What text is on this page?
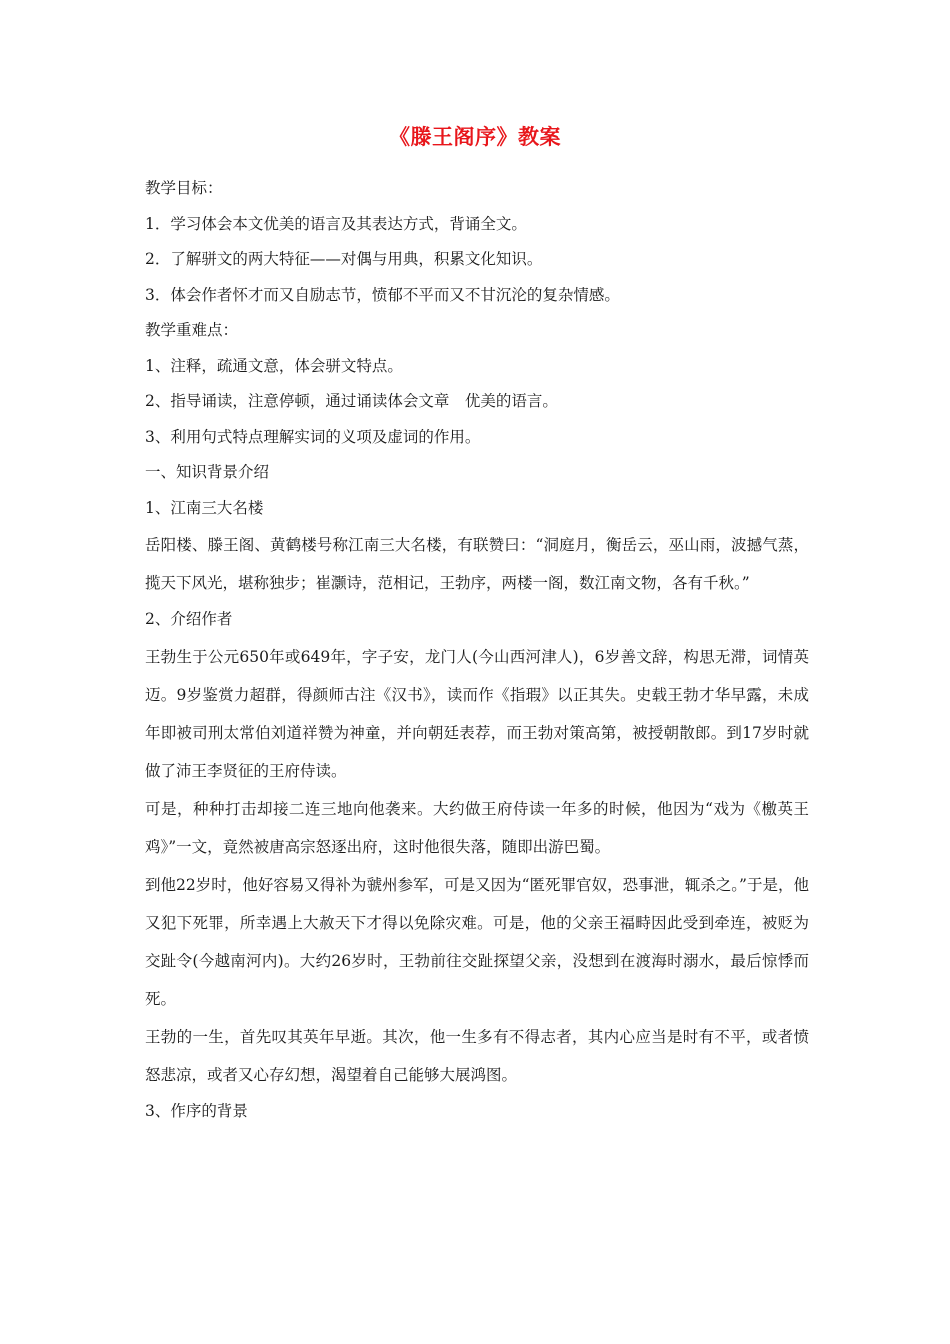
《滕王阁序》教案

教学目标：

1．学习体会本文优美的语言及其表达方式，背诵全文。

2．了解骈文的两大特征——对偶与用典，积累文化知识。

3．体会作者怀才而又自励志节，愤郁不平而又不甘沉沦的复杂情感。

教学重难点：

1、注释，疏通文意，体会骈文特点。

2、指导诵读，注意停顿，通过诵读体会文章　优美的语言。

3、利用句式特点理解实词的义项及虚词的作用。

一、知识背景介绍

1、江南三大名楼

岳阳楼、滕王阁、黄鹤楼号称江南三大名楼，有联赞曰：“洞庭月，衡岳云，巫山雨，波撼气蒸，揽天下风光，堪称独步；崔灏诗，范相记，王勃序，两楼一阁，数江南文物，各有千秋。”

2、介绍作者

王勃生于公元650年或649年，字子安，龙门人(今山西河津人)，6岁善文辞，构思无滞，词情英迈。9岁鉴赏力超群，得颜师古注《汉书》，读而作《指瑕》以正其失。史载王勃才华早露，未成年即被司刑太常伯刘道祥赞为神童，并向朝廷表荐，而王勃对策高第，被授朝散郎。到17岁时就做了沛王李贤征的王府侍读。

可是，种种打击却接二连三地向他袭来。大约做王府侍读一年多的时候，他因为“戏为《檄英王鸡》”一文，竟然被唐高宗怒逐出府，这时他很失落，随即出游巴蜀。

到他22岁时，他好容易又得补为虢州参军，可是又因为“匿死罪官奴，恐事泄，辄杀之。”于是，他又犯下死罪，所幸遇上大赦天下才得以免除灾难。可是，他的父亲王福畤因此受到牵连，被贬为交趾令(今越南河内)。大约26岁时，王勃前往交趾探望父亲，没想到在渡海时溺水，最后惊悸而死。

王勃的一生，首先叹其英年早逝。其次，他一生多有不得志者，其内心应当是时有不平，或者愤怒悲凉，或者又心存幻想，渴望着自己能够大展鸿图。

3、作序的背景
